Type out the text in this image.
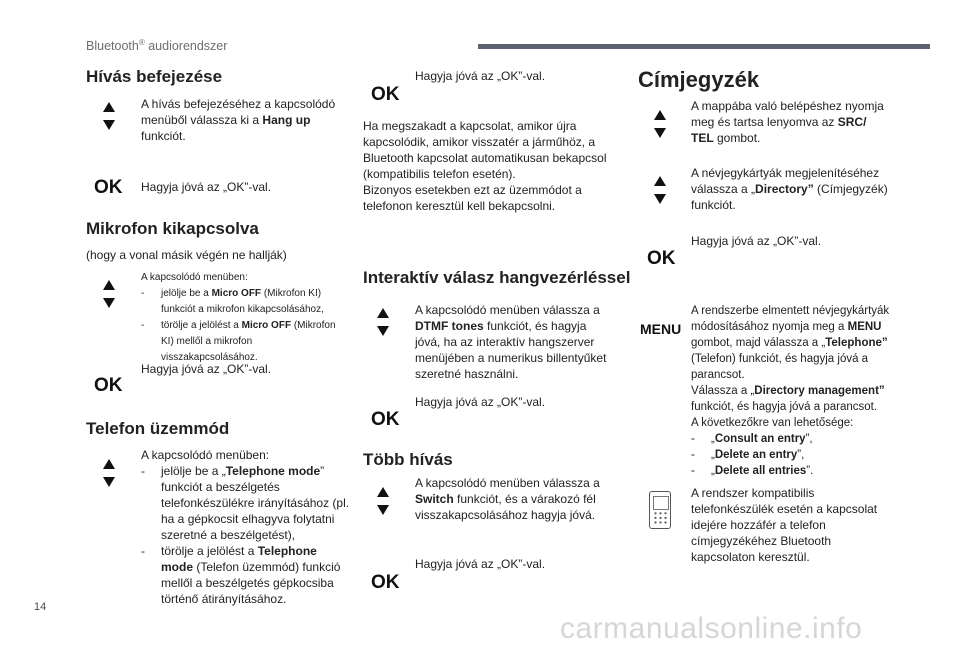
Bluetooth® audiorendszer
Hívás befejezése
A hívás befejezéséhez a kapcsolódó menüből válassza ki a Hang up funkciót.
OK Hagyja jóvá az „OK”-val.
Mikrofon kikapcsolva
(hogy a vonal másik végén ne hallják)
A kapcsolódó menüben:
- jelölje be a Micro OFF (Mikrofon KI) funkciót a mikrofon kikapcsolásához,
- törölje a jelölést a Micro OFF (Mikrofon KI) mellől a mikrofon visszakapcsolásához.
OK
Hagyja jóvá az „OK”-val.
Telefon üzemmód
A kapcsolódó menüben:
- jelölje be a „Telephone mode” funkciót a beszélgetés telefonkészülékre irányításához (pl. ha a gépkocsit elhagyva folytatni szeretné a beszélgetést),
- törölje a jelölést a Telephone mode (Telefon üzemmód) funkció mellől a beszélgetés gépkocsiba történő átirányításához.
OK
Hagyja jóvá az „OK”-val.
Ha megszakadt a kapcsolat, amikor újra kapcsolódik, amikor visszatér a járműhöz, a Bluetooth kapcsolat automatikusan bekapcsol (kompatibilis telefon esetén).
Bizonyos esetekben ezt az üzemmódot a telefonon keresztül kell bekapcsolni.
Interaktív válasz hangvezérléssel
A kapcsolódó menüben válassza a DTMF tones funkciót, és hagyja jóvá, ha az interaktív hangszerver menüjében a numerikus billentyűket szeretné használni.
OK
Hagyja jóvá az „OK”-val.
Több hívás
A kapcsolódó menüben válassza a Switch funkciót, és a várakozó fél visszakapcsolásához hagyja jóvá.
OK
Hagyja jóvá az „OK”-val.
Címjegyzék
A mappába való belépéshez nyomja meg és tartsa lenyomva az SRC/ TEL gombot.
A névjegykártyák megjelenítéséhez válassza a „Directory” (Címjegyzék) funkciót.
OK
Hagyja jóvá az „OK”-val.
MENU
A rendszerbe elmentett névjegykártyák módosításához nyomja meg a MENU gombot, majd válassza a „Telephone” (Telefon) funkciót, és hagyja jóvá a parancsot.
Válassza a „Directory management” funkciót, és hagyja jóvá a parancsot.
A következőkre van lehetősége:
- „Consult an entry”,
- „Delete an entry”,
- „Delete all entries”.
A rendszer kompatibilis telefonkészülék esetén a kapcsolat idejére hozzáfér a telefon címjegyzékéhez Bluetooth kapcsolaton keresztül.
14
carmanualsonline.info
